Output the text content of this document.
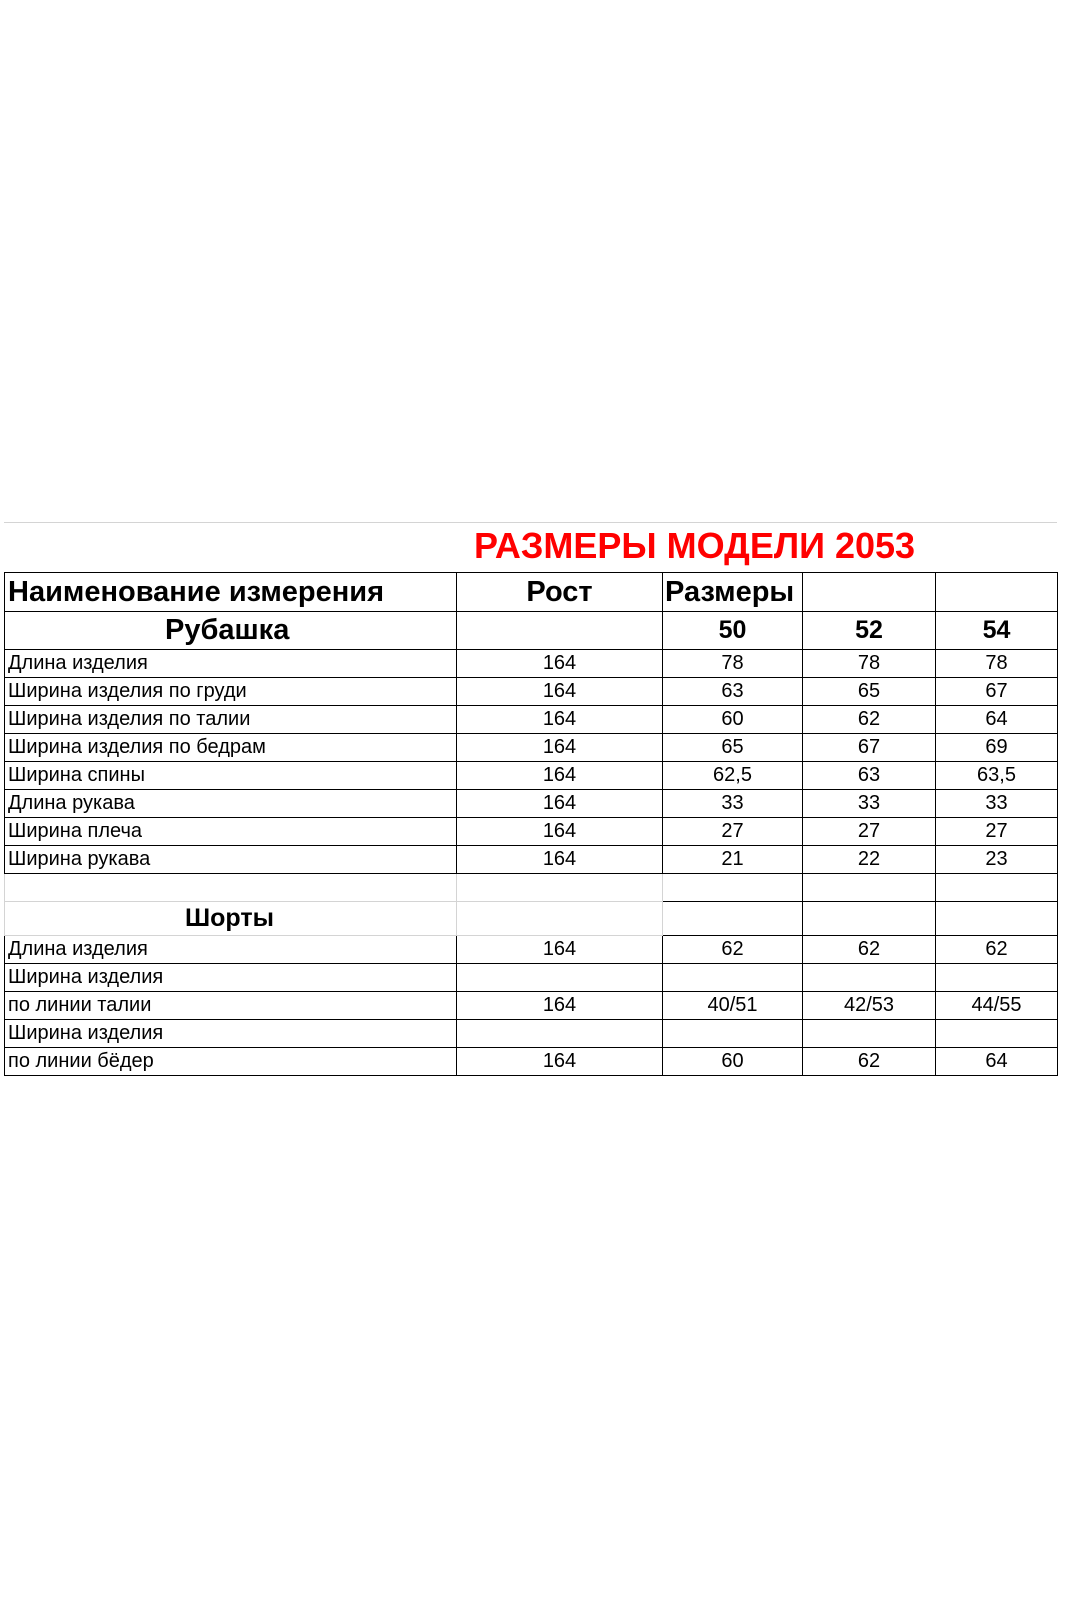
РАЗМЕРЫ МОДЕЛИ 2053
Наименование измерения	Рост	Размеры		
Рубашка		50	52	54
Длина изделия	164	78	78	78
Ширина изделия по груди	164	63	65	67
Ширина изделия по талии	164	60	62	64
Ширина изделия по бедрам	164	65	67	69
Ширина спины	164	62,5	63	63,5
Длина рукава	164	33	33	33
Ширина плеча	164	27	27	27
Ширина рукава	164	21	22	23

Шорты				
Длина изделия	164	62	62	62
Ширина изделия				
по линии талии	164	40/51	42/53	44/55
Ширина изделия				
по линии бёдер	164	60	62	64
